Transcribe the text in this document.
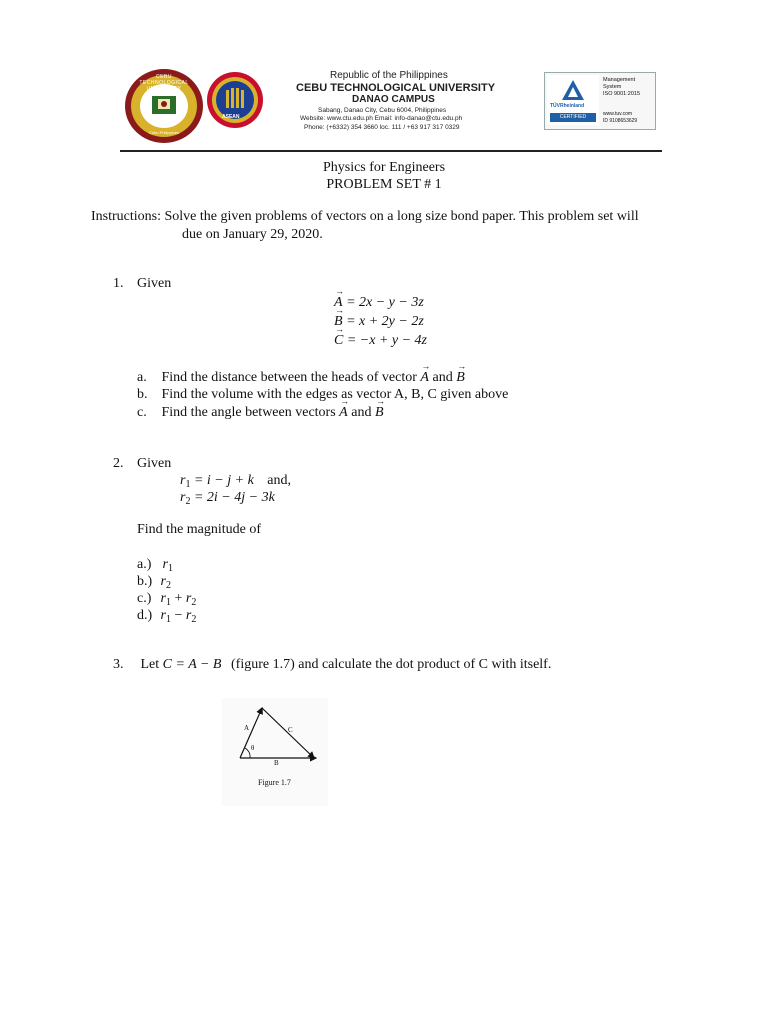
CEBU TECHNOLOGICAL UNIVERSITY
Cebu Philippines
ASEAN
Republic of the Philippines
CEBU TECHNOLOGICAL UNIVERSITY
DANAO CAMPUS
Sabang, Danao City, Cebu 6004, Philippines
Website: www.ctu.edu.ph Email: info-danao@ctu.edu.ph
Phone: (+6332) 354 3660 loc. 111 / +63 917 317 0329
TÜVRheinland
CERTIFIED
Management
System
ISO 9001:2015
www.tuv.com
ID 9108653629
Physics for Engineers
PROBLEM SET # 1
Instructions: Solve the given problems of vectors on a long size bond paper. This problem set will
due on January 29, 2020.
1. Given
→ A = 2x − y − 3z
→ B = x + 2y − 2z
→ C = −x + y − 4z
a. Find the distance between the heads of vector → A and → B
b. Find the volume with the edges as vector A, B, C given above
c. Find the angle between vectors → A and → B
2. Given
$r_1 = i - j + k$ and,
$r_2 = 2i - 4j - 3k$
Find the magnitude of
a.) $r_1$
b.) $r_2$
c.) $r_1 + r_2$
d.) $r_1 - r_2$
3. Let C = A − B (figure 1.7) and calculate the dot product of C with itself.
A	C
θ
B
Figure 1.7
